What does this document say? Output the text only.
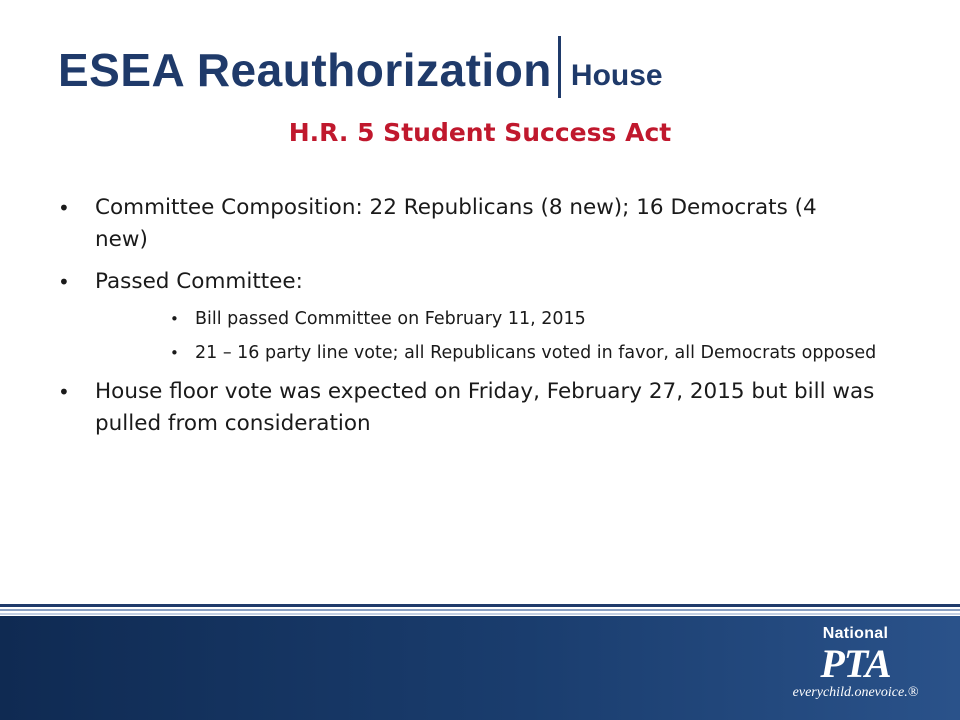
ESEA Reauthorization House
H.R. 5 Student Success Act
• Committee Composition: 22 Republicans (8 new); 16 Democrats (4 new)
• Passed Committee:
• Bill passed Committee on February 11, 2015
• 21 – 16 party line vote; all Republicans voted in favor, all Democrats opposed
• House floor vote was expected on Friday, February 27, 2015 but bill was pulled from consideration
National
PTA
everychild.onevoice.®
